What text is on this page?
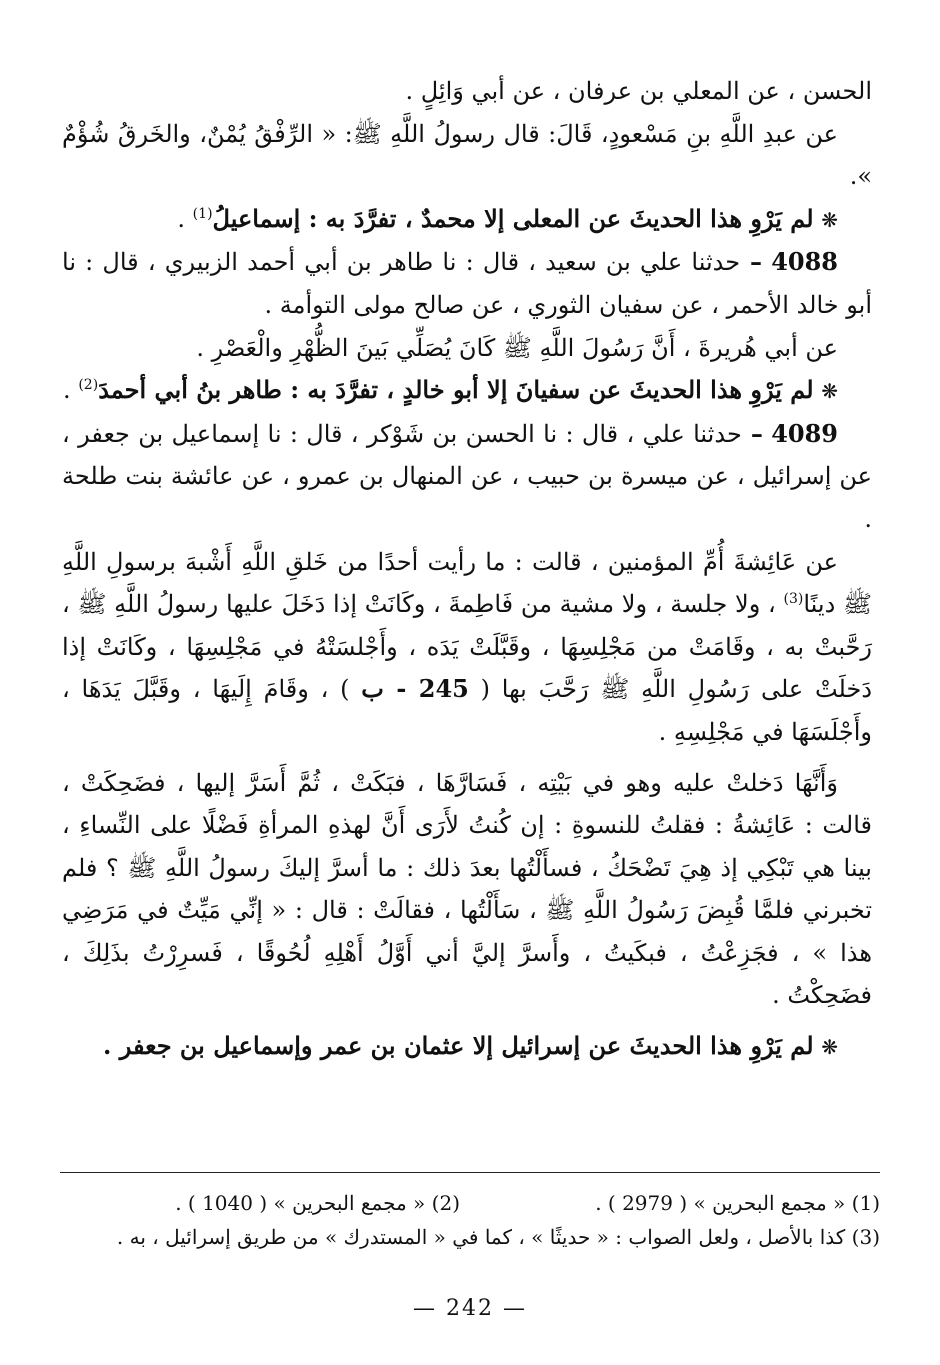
الحسن ، عن المعلي بن عرفان ، عن أبي وَائِلٍ .

عن عبدِ اللَّهِ بنِ مَسْعودٍ، قَالَ: قال رسولُ اللَّهِ ﷺ: « الرِّفْقُ يُمْنٌ، والخَرقُ شُؤْمٌ ».

❋ لم يَرْوِ هذا الحديثَ عن المعلى إلا محمدٌ ، تفرَّدَ به : إسماعيلُ$^{(1)}$ .

4088 – حدثنا علي بن سعيد ، قال : نا طاهر بن أبي أحمد الزبيري ، قال : نا أبو خالد الأحمر ، عن سفيان الثوري ، عن صالح مولى التوأمة .

عن أبي هُريرةَ ، أَنَّ رَسُولَ اللَّهِ ﷺ كَانَ يُصَلِّي بَينَ الظُّهْرِ والْعَصْرِ .

❋ لم يَرْوِ هذا الحديثَ عن سفيانَ إلا أبو خالدٍ ، تفرَّدَ به : طاهر بنُ أبي أحمدَ$^{(2)}$ .

4089 – حدثنا علي ، قال : نا الحسن بن شَوْكر ، قال : نا إسماعيل بن جعفر ، عن إسرائيل ، عن ميسرة بن حبيب ، عن المنهال بن عمرو ، عن عائشة بنت طلحة .

عن عَائِشةَ أُمِّ المؤمنين ، قالت : ما رأيت أحدًا من خَلقِ اللَّهِ أَشْبهَ برسولِ اللَّهِ ﷺ دينًا$^{(3)}$ ، ولا جلسة ، ولا مشية من فَاطِمةَ ، وكَانَتْ إذا دَخَلَ عليها رسولُ اللَّهِ ﷺ ، رَحَّبتْ به ، وقَامَتْ من مَجْلِسِهَا ، وقَبَّلَتْ يَدَه ، وأَجْلسَتْهُ في مَجْلِسِهَا ، وكَانَتْ إذا دَخلَتْ على رَسُولِ اللَّهِ ﷺ رَحَّبَ بها ( 245 - ب ) ، وقَامَ إِلَيهَا ، وقَبَّلَ يَدَهَا ، وأَجْلَسَهَا في مَجْلِسِهِ .

وَأَنَّهَا دَخلتْ عليه وهو في بَيْتِه ، فَسَارَّهَا ، فبَكَتْ ، ثُمَّ أَسَرَّ إليها ، فضَحِكَتْ ، قالت : عَائِشةُ : فقلتُ للنسوةِ : إن كُنتُ لأَرَى أَنَّ لهذهِ المرأةِ فَضْلًا على النِّساءِ ، بينا هي تَبْكِي إذ هِيَ تَضْحَكُ ، فسأَلْتُها بعدَ ذلك : ما أسرَّ إليكَ رسولُ اللَّهِ ﷺ ؟ فلم تخبرني فلمَّا قُبِضَ رَسُولُ اللَّهِ ﷺ ، سَأَلْتُها ، فقالَتْ : قال : « إنِّي مَيِّتٌ في مَرَضِي هذا » ، فجَزِعْتُ ، فبكَيتُ ، وأَسرَّ إليَّ أني أَوَّلُ أَهْلِهِ لُحُوقًا ، فَسرِرْتُ بذَلِكَ ، فضَحِكْتُ .

❋ لم يَرْوِ هذا الحديثَ عن إسرائيل إلا عثمان بن عمر وإسماعيل بن جعفر .

(1) « مجمع البحرين » ( 2979 ) .
(2) « مجمع البحرين » ( 1040 ) .
(3) كذا بالأصل ، ولعل الصواب : « حديثًا » ، كما في « المستدرك » من طريق إسرائيل ، به .
— 242 —
